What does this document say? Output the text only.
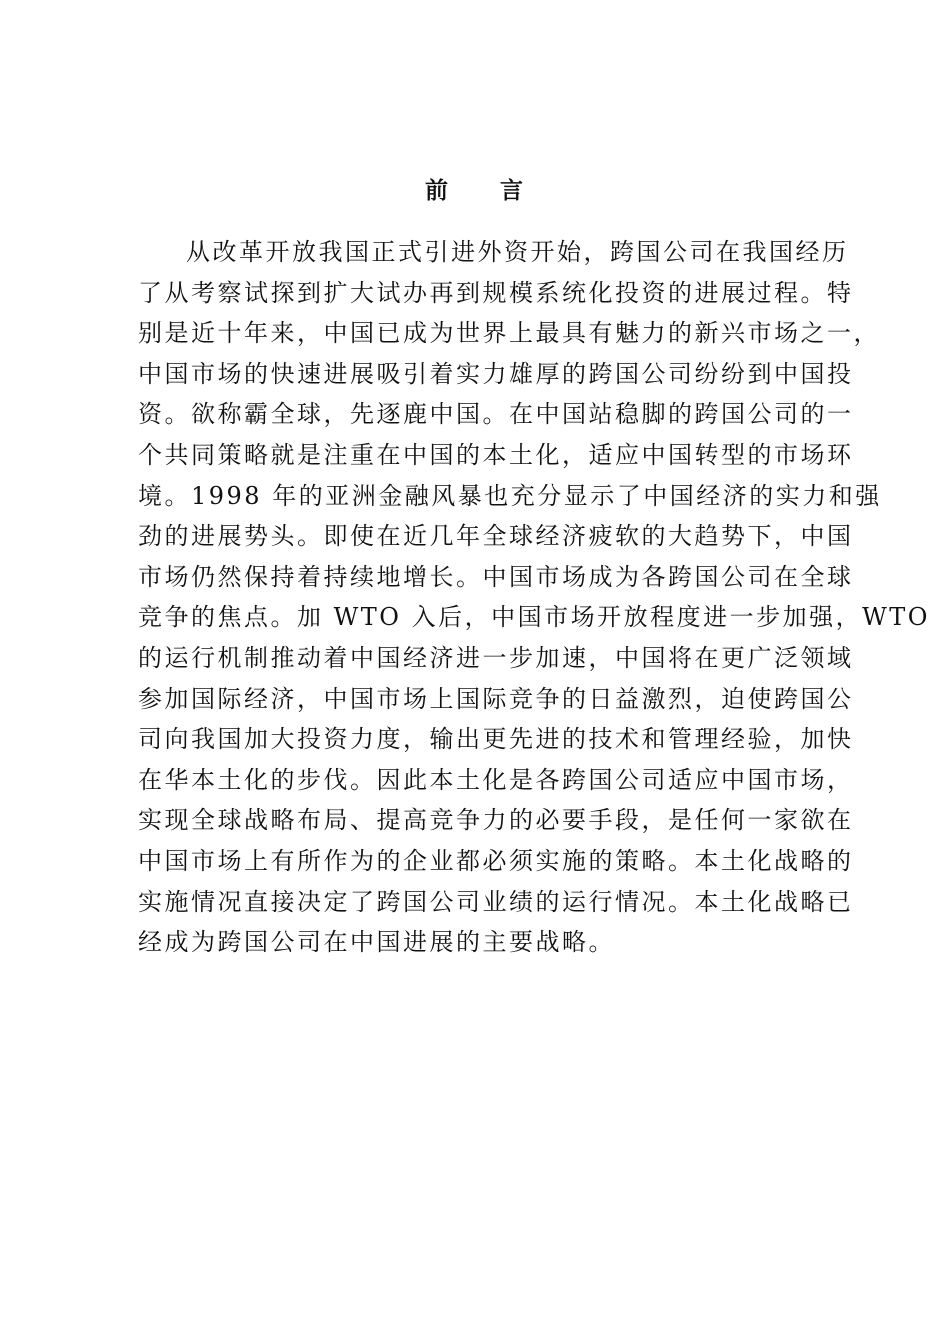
前 言
从改革开放我国正式引进外资开始，跨国公司在我国经历
了从考察试探到扩大试办再到规模系统化投资的进展过程。特
别是近十年来，中国已成为世界上最具有魅力的新兴市场之一，
中国市场的快速进展吸引着实力雄厚的跨国公司纷纷到中国投
资。欲称霸全球，先逐鹿中国。在中国站稳脚的跨国公司的一
个共同策略就是注重在中国的本土化，适应中国转型的市场环
境。1998 年的亚洲金融风暴也充分显示了中国经济的实力和强
劲的进展势头。即使在近几年全球经济疲软的大趋势下，中国
市场仍然保持着持续地增长。中国市场成为各跨国公司在全球
竞争的焦点。加 WTO 入后，中国市场开放程度进一步加强，WTO
的运行机制推动着中国经济进一步加速，中国将在更广泛领域
参加国际经济，中国市场上国际竞争的日益激烈，迫使跨国公
司向我国加大投资力度，输出更先进的技术和管理经验，加快
在华本土化的步伐。因此本土化是各跨国公司适应中国市场，
实现全球战略布局、提高竞争力的必要手段，是任何一家欲在
中国市场上有所作为的企业都必须实施的策略。本土化战略的
实施情况直接决定了跨国公司业绩的运行情况。本土化战略已
经成为跨国公司在中国进展的主要战略。
